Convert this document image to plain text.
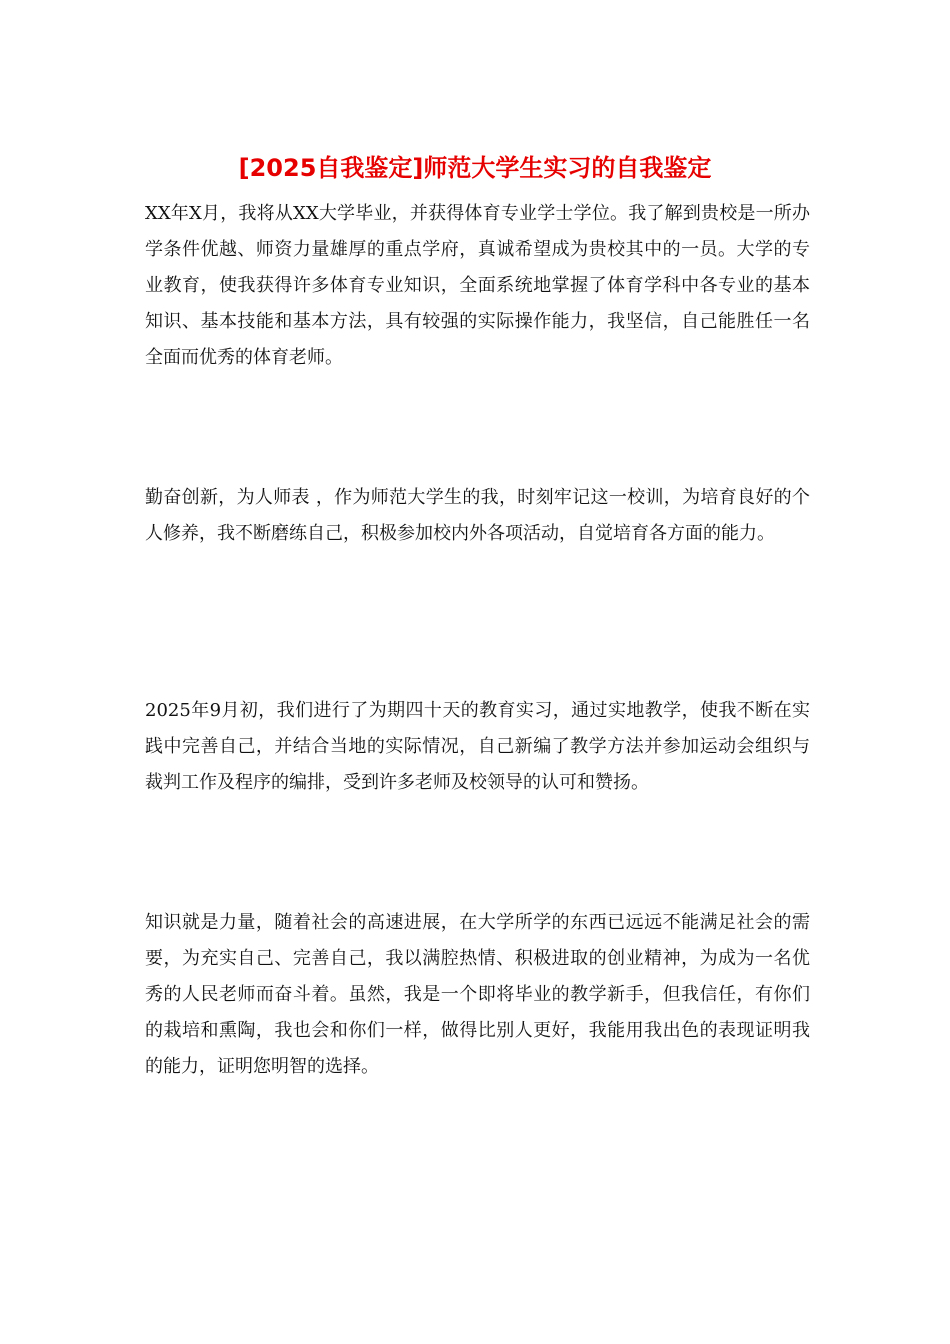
[2025自我鉴定]师范大学生实习的自我鉴定

XX年X月，我将从XX大学毕业，并获得体育专业学士学位。我了解到贵校是一所办学条件优越、师资力量雄厚的重点学府，真诚希望成为贵校其中的一员。大学的专业教育，使我获得许多体育专业知识，全面系统地掌握了体育学科中各专业的基本知识、基本技能和基本方法，具有较强的实际操作能力，我坚信，自己能胜任一名全面而优秀的体育老师。

勤奋创新，为人师表 ，作为师范大学生的我，时刻牢记这一校训，为培育良好的个人修养，我不断磨练自己，积极参加校内外各项活动，自觉培育各方面的能力。

2025年9月初，我们进行了为期四十天的教育实习，通过实地教学，使我不断在实践中完善自己，并结合当地的实际情况，自己新编了教学方法并参加运动会组织与裁判工作及程序的编排，受到许多老师及校领导的认可和赞扬。

知识就是力量，随着社会的高速进展，在大学所学的东西已远远不能满足社会的需要，为充实自己、完善自己，我以满腔热情、积极进取的创业精神，为成为一名优秀的人民老师而奋斗着。虽然，我是一个即将毕业的教学新手，但我信任，有你们的栽培和熏陶，我也会和你们一样，做得比别人更好，我能用我出色的表现证明我的能力，证明您明智的选择。
